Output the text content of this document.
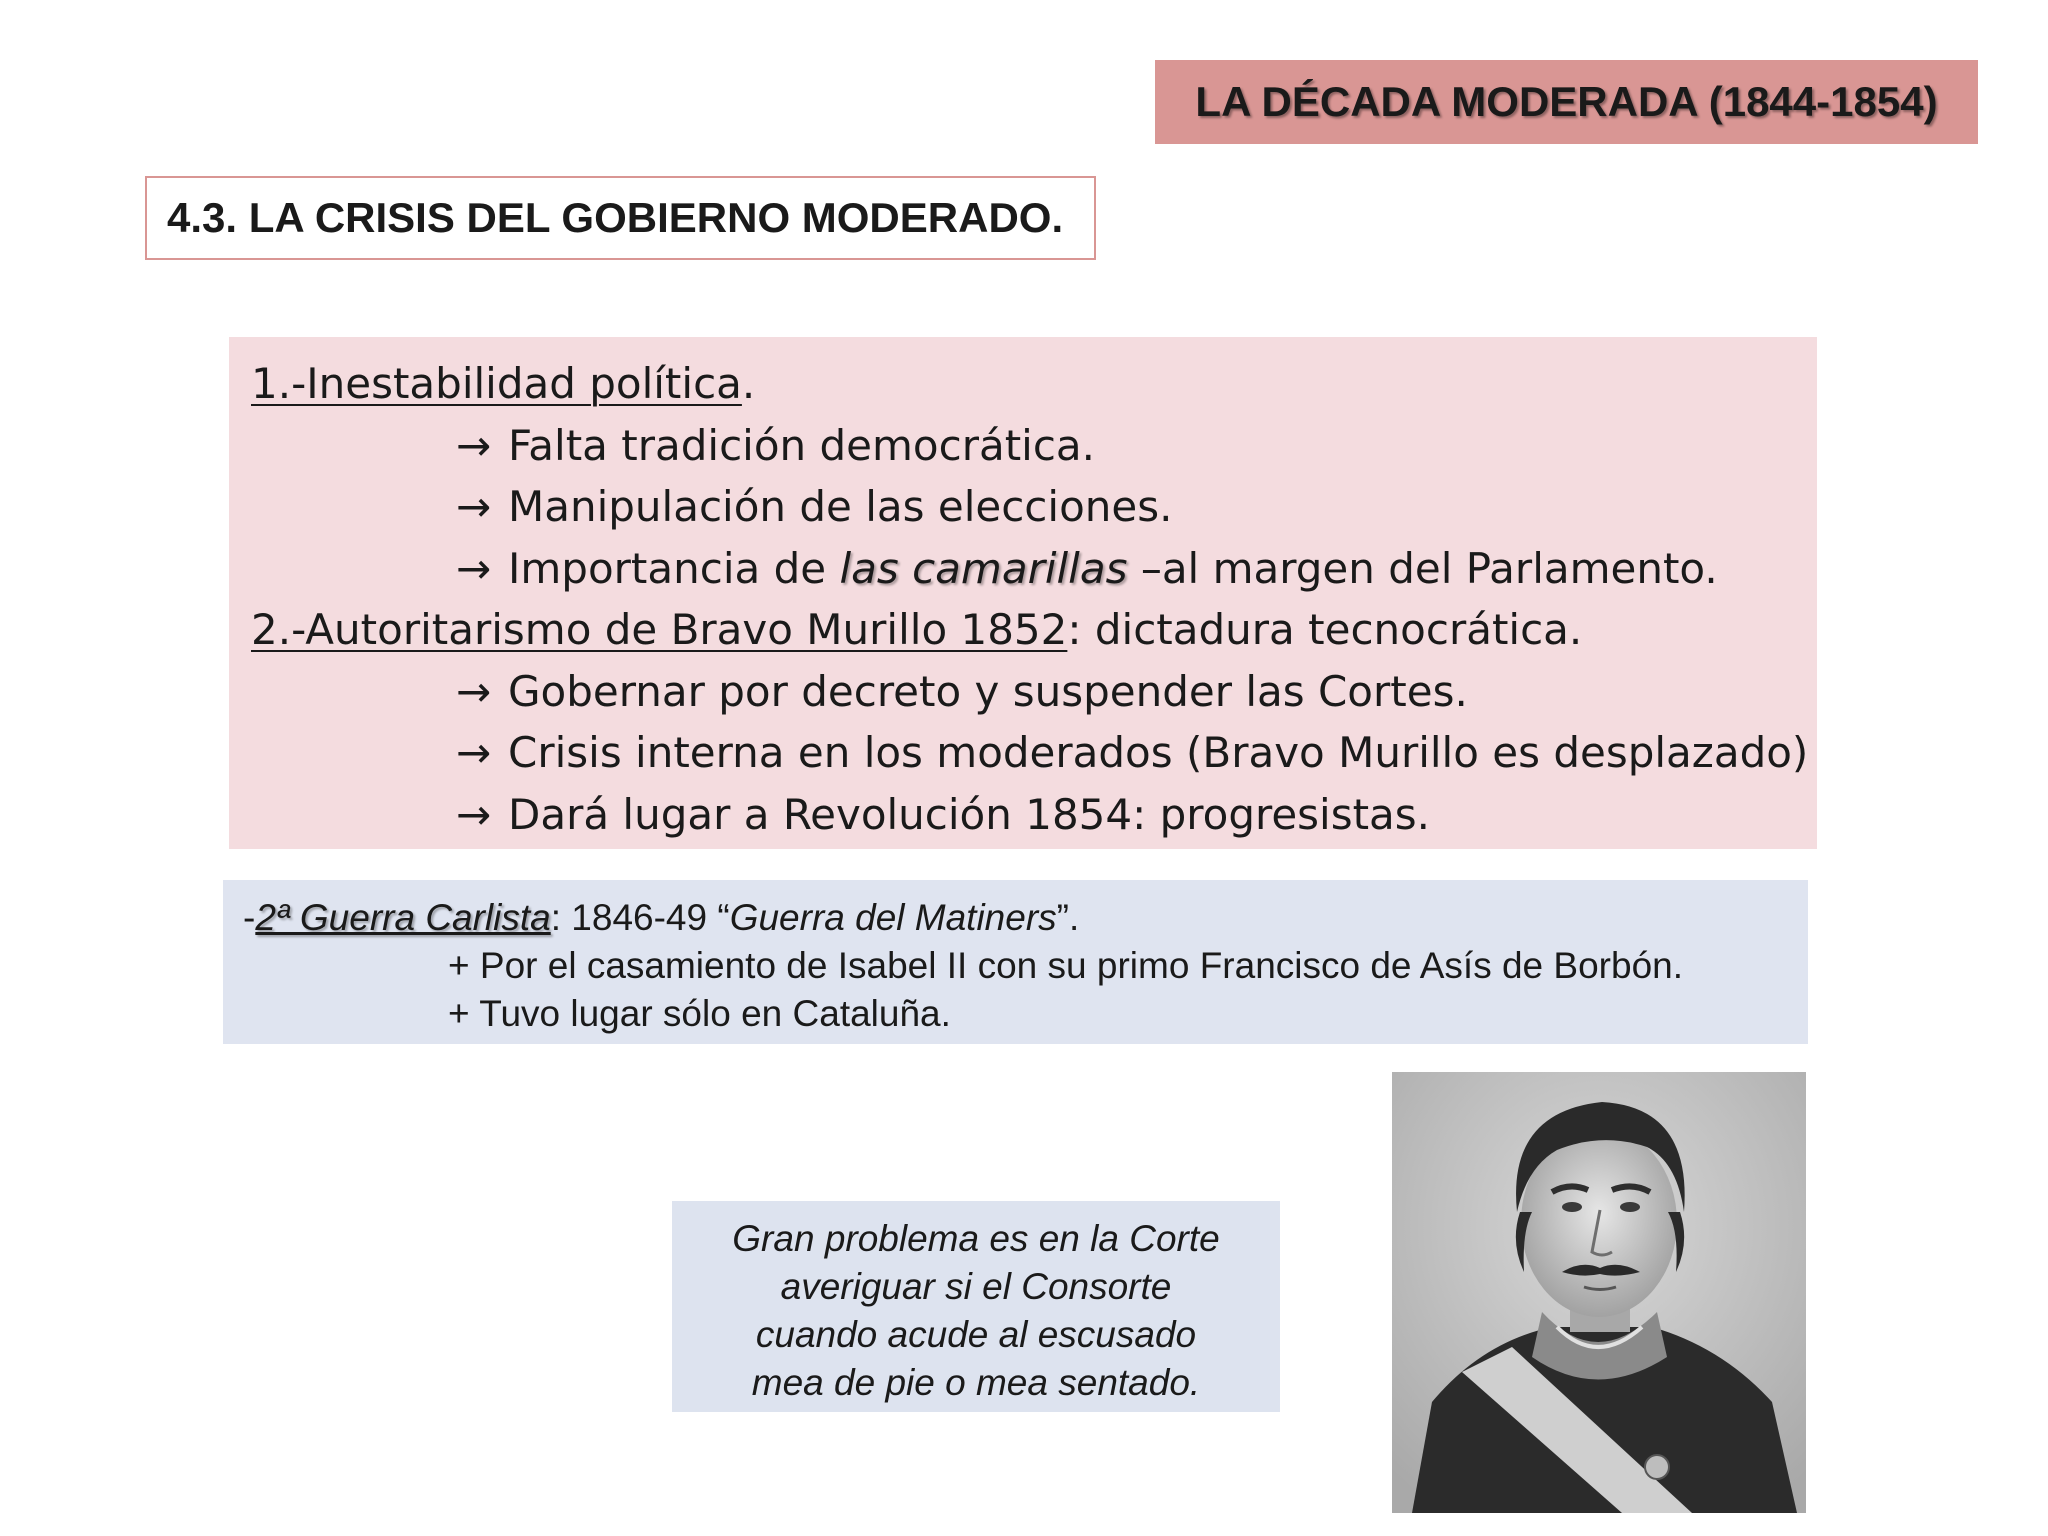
LA DÉCADA MODERADA (1844-1854)
4.3. LA CRISIS DEL GOBIERNO MODERADO.
1.-Inestabilidad política.
→ Falta tradición democrática.
→ Manipulación de las elecciones.
→ Importancia de las camarillas –al margen del Parlamento.
2.-Autoritarismo de Bravo Murillo 1852: dictadura tecnocrática.
→ Gobernar por decreto y suspender las Cortes.
→ Crisis interna en los moderados (Bravo Murillo es desplazado)
→ Dará lugar a Revolución 1854: progresistas.
-2ª Guerra Carlista: 1846-49 “Guerra del Matiners”.
+ Por el casamiento de Isabel II con su primo Francisco de Asís de Borbón.
+ Tuvo lugar sólo en Cataluña.
Gran problema es en la Corte
averiguar si el Consorte
cuando acude al escusado
mea de pie o mea sentado.
